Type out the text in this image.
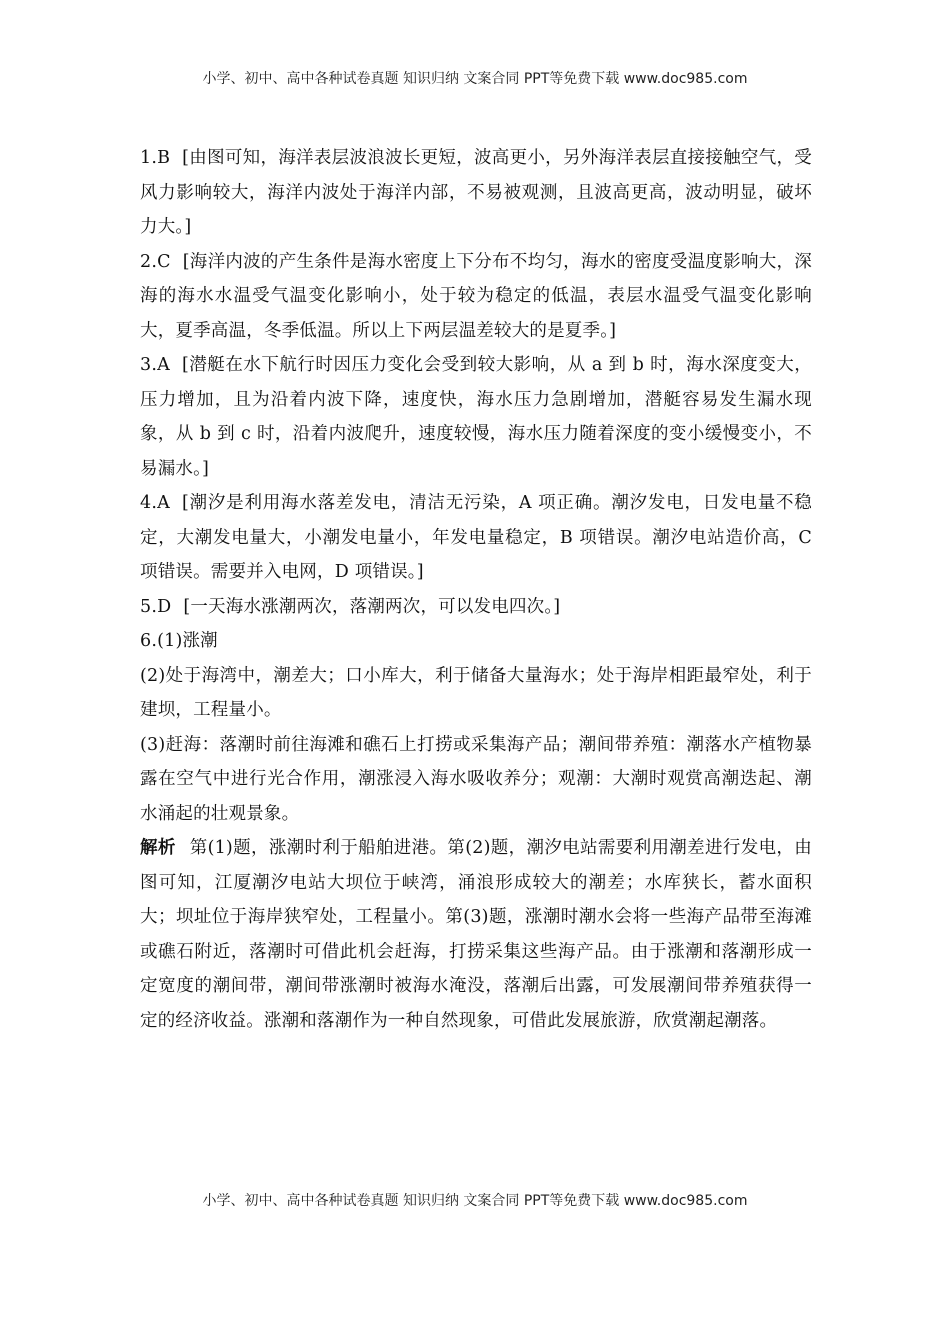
小学、初中、高中各种试卷真题 知识归纳 文案合同 PPT等免费下载 www.doc985.com

1.B [由图可知，海洋表层波浪波长更短，波高更小，另外海洋表层直接接触空气，受风力影响较大，海洋内波处于海洋内部，不易被观测，且波高更高，波动明显，破坏力大。]

2.C [海洋内波的产生条件是海水密度上下分布不均匀，海水的密度受温度影响大，深海的海水水温受气温变化影响小，处于较为稳定的低温，表层水温受气温变化影响大，夏季高温，冬季低温。所以上下两层温差较大的是夏季。]

3.A [潜艇在水下航行时因压力变化会受到较大影响，从 a 到 b 时，海水深度变大，压力增加，且为沿着内波下降，速度快，海水压力急剧增加，潜艇容易发生漏水现象，从 b 到 c 时，沿着内波爬升，速度较慢，海水压力随着深度的变小缓慢变小，不易漏水。]

4.A [潮汐是利用海水落差发电，清洁无污染，A 项正确。潮汐发电，日发电量不稳定，大潮发电量大，小潮发电量小，年发电量稳定，B 项错误。潮汐电站造价高，C 项错误。需要并入电网，D 项错误。]

5.D [一天海水涨潮两次，落潮两次，可以发电四次。]

6.(1)涨潮

(2)处于海湾中，潮差大；口小库大，利于储备大量海水；处于海岸相距最窄处，利于建坝，工程量小。

(3)赶海：落潮时前往海滩和礁石上打捞或采集海产品；潮间带养殖：潮落水产植物暴露在空气中进行光合作用，潮涨浸入海水吸收养分；观潮：大潮时观赏高潮迭起、潮水涌起的壮观景象。

解析 第(1)题，涨潮时利于船舶进港。第(2)题，潮汐电站需要利用潮差进行发电，由图可知，江厦潮汐电站大坝位于峡湾，涌浪形成较大的潮差；水库狭长，蓄水面积大；坝址位于海岸狭窄处，工程量小。第(3)题，涨潮时潮水会将一些海产品带至海滩或礁石附近，落潮时可借此机会赶海，打捞采集这些海产品。由于涨潮和落潮形成一定宽度的潮间带，潮间带涨潮时被海水淹没，落潮后出露，可发展潮间带养殖获得一定的经济收益。涨潮和落潮作为一种自然现象，可借此发展旅游，欣赏潮起潮落。

小学、初中、高中各种试卷真题 知识归纳 文案合同 PPT等免费下载 www.doc985.com
